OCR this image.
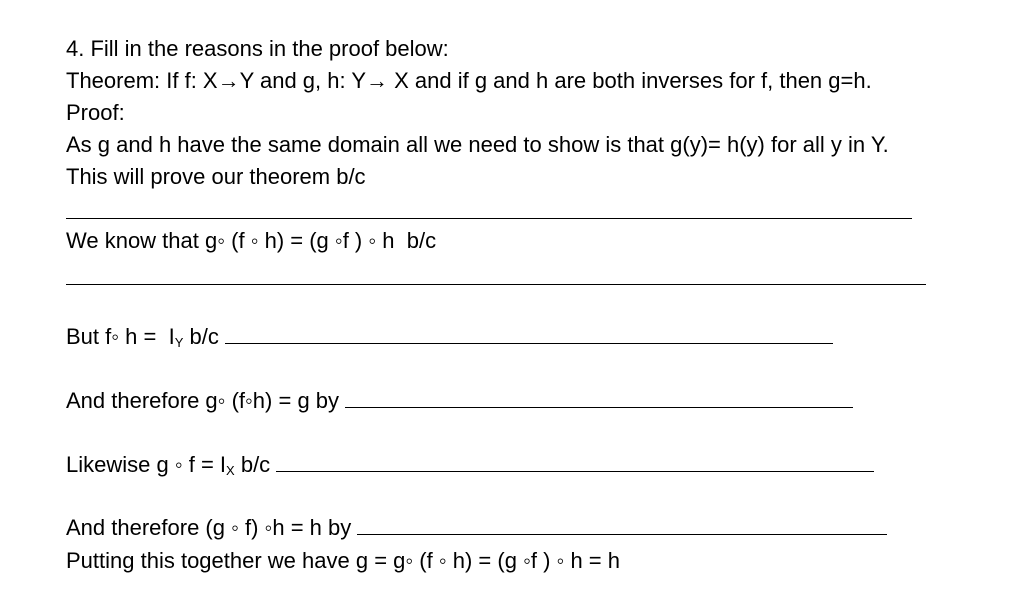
4. Fill in the reasons in the proof below:
Theorem: If f: X→Y and g, h: Y→ X and if g and h are both inverses for f, then g=h.
Proof:
As g and h have the same domain all we need to show is that g(y)= h(y) for all y in Y.
This will prove our theorem b/c
We know that g◦ (f ◦ h) = (g ◦f ) ◦ h  b/c
But f◦ $h = I_Y$ b/c
And therefore g◦ (f◦h) = g by
Likewise g ◦ $f = I_X$ b/c
And therefore (g ◦ f) ◦h = h by
Putting this together we have g = g◦ (f ◦ h) = (g ◦f ) ◦ h = h
